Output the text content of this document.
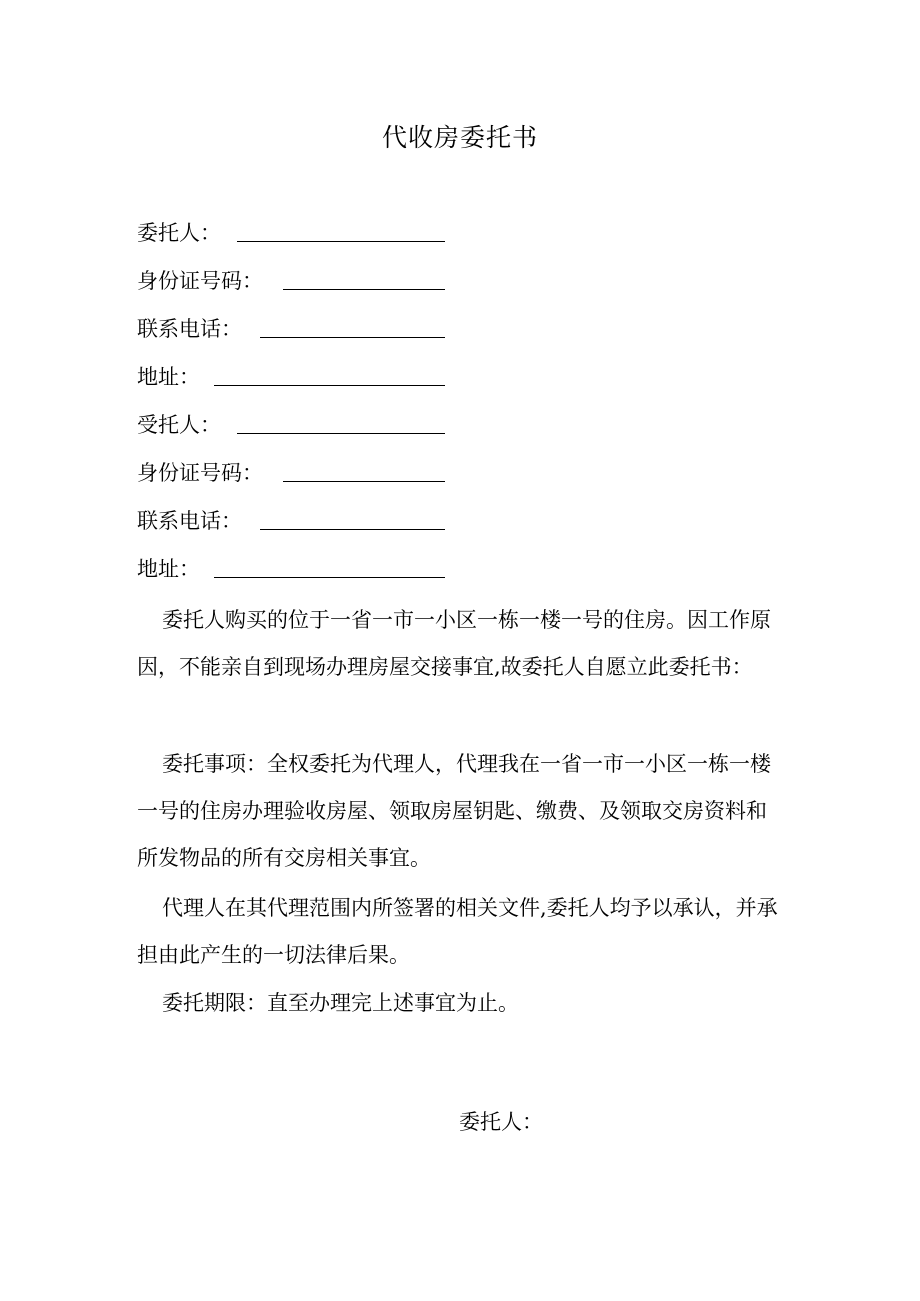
代收房委托书
委托人：
身份证号码：
联系电话：
地址：
受托人：
身份证号码：
联系电话：
地址：

委托人购买的位于一省一市一小区一栋一楼一号的住房。因工作原因，不能亲自到现场办理房屋交接事宜,故委托人自愿立此委托书：

委托事项：全权委托为代理人，代理我在一省一市一小区一栋一楼一号的住房办理验收房屋、领取房屋钥匙、缴费、及领取交房资料和所发物品的所有交房相关事宜。

代理人在其代理范围内所签署的相关文件,委托人均予以承认，并承担由此产生的一切法律后果。

委托期限：直至办理完上述事宜为止。

委托人：
